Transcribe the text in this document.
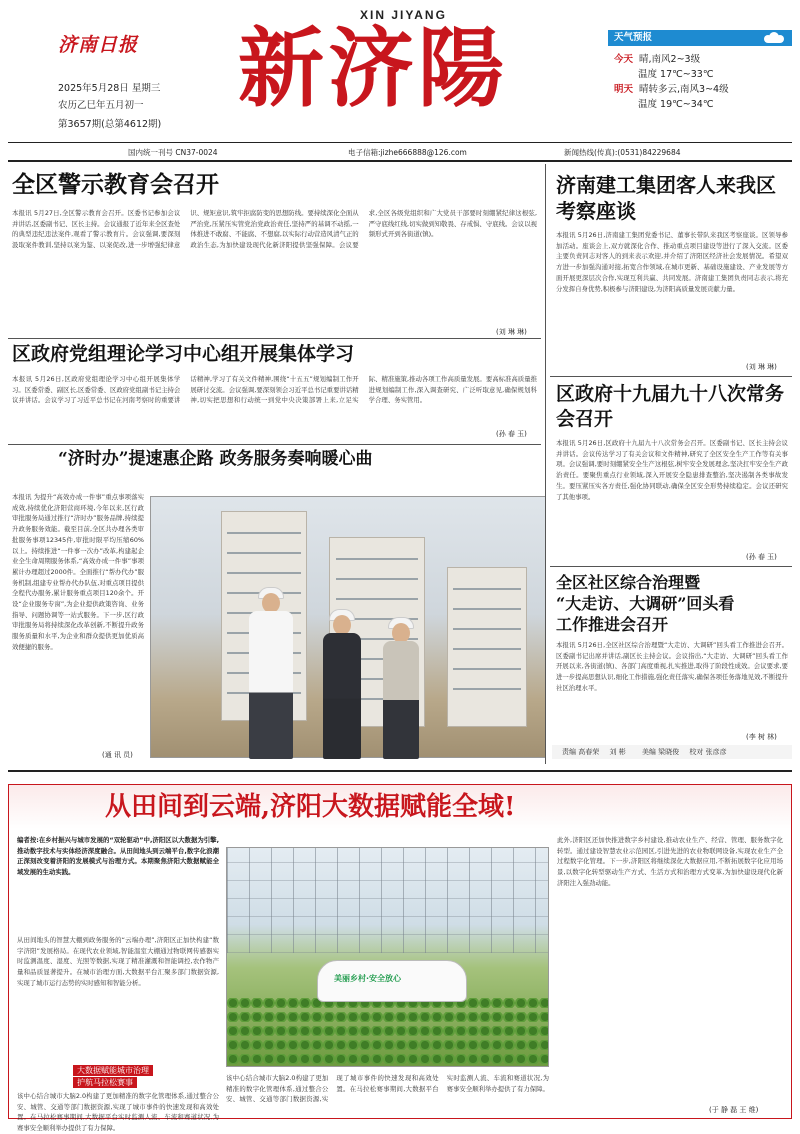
济南日报
XIN JIYANG
新济陽
2025年5月28日 星期三
农历乙巳年五月初一

第3657期(总第4612期)
天气预报
今天 晴,南风2~3级
温度 17℃~33℃
明天 晴转多云,南风3~4级
温度 19℃~34℃
国内统一刊号 CN37-0024	电子信箱:jizhe666888@126.com	新闻热线(传真):(0531)84229684
全区警示教育会召开
本报讯 5月27日,全区警示教育会召开。区委书记参加会议并讲话,区委副书记、区长主持。会议通报了近年来全区查处的典型违纪违法案件,观看了警示教育片。会议强调,要深刻汲取案件教训,坚持以案为鉴、以案促改,进一步增强纪律意识、规矩意识,筑牢拒腐防变的思想防线。要持续深化全面从严治党,压紧压实管党治党政治责任,坚持严的基调不动摇,一体推进不敢腐、不能腐、不想腐,以实际行动营造风清气正的政治生态,为加快建设现代化新济阳提供坚强保障。会议要求,全区各级党组织和广大党员干部要时刻绷紧纪律这根弦,严守底线红线,切实做到知敬畏、存戒惧、守底线。会议以视频形式开到各街道(镇)。
(刘 琳 琳)
区政府党组理论学习中心组开展集体学习
本报讯 5月26日,区政府党组理论学习中心组开展集体学习。区委常委、副区长,区委常委、区政府党组副书记主持会议并讲话。会议学习了习近平总书记在河南考察时的重要讲话精神,学习了有关文件精神,围绕“十五五”规划编制工作开展研讨交流。会议强调,要深刻领会习近平总书记重要讲话精神,切实把思想和行动统一到党中央决策部署上来,立足实际、精准施策,推动各项工作高质量发展。要高标准高质量推进规划编制工作,深入调查研究、广泛听取意见,确保规划科学合理、务实管用。
(孙 春 玉)
“济时办”提速惠企路 政务服务奏响暖心曲
本报讯 为提升“高效办成一件事”重点事项落实成效,持续优化济阳营商环境,今年以来,区行政审批服务局通过推行“济时办”服务品牌,持续提升政务服务效能。截至目前,全区共办理各类审批服务事项12345件,审批时限平均压缩60%以上。持续推进“一件事一次办”改革,构建起企业全生命周期服务体系,“高效办成一件事”事项累计办理超过2000件。全面推行“帮办代办”服务机制,组建专业帮办代办队伍,对重点项目提供全程代办服务,累计服务重点项目120余个。开设“企业服务专窗”,为企业提供政策咨询、业务指导、问题协调等一站式服务。下一步,区行政审批服务局将持续深化改革创新,不断提升政务服务质量和水平,为企业和群众提供更加优质高效便捷的服务。
(通 讯 员)
济南建工集团客人来我区考察座谈
本报讯 5月26日,济南建工集团党委书记、董事长带队来我区考察座谈。区领导参加活动。座谈会上,双方就深化合作、推动重点项目建设等进行了深入交流。区委主要负责同志对客人的到来表示欢迎,并介绍了济阳区经济社会发展情况。希望双方进一步加强沟通对接,拓宽合作领域,在城市更新、基础设施建设、产业发展等方面开展更深层次合作,实现互利共赢、共同发展。济南建工集团负责同志表示,将充分发挥自身优势,积极参与济阳建设,为济阳高质量发展贡献力量。
(刘 琳 琳)
区政府十九届九十八次常务会召开
本报讯 5月26日,区政府十九届九十八次常务会召开。区委副书记、区长主持会议并讲话。会议传达学习了有关会议和文件精神,研究了全区安全生产工作等有关事项。会议强调,要时刻绷紧安全生产这根弦,树牢安全发展理念,坚决扛牢安全生产政治责任。要聚焦重点行业领域,深入开展安全隐患排查整治,坚决遏制各类事故发生。要压紧压实各方责任,强化协同联动,确保全区安全形势持续稳定。会议还研究了其他事项。
(孙 春 玉)
全区社区综合治理暨
“大走访、大调研”回头看
工作推进会召开
本报讯 5月26日,全区社区综合治理暨“大走访、大调研”回头看工作推进会召开。区委副书记出席并讲话,副区长主持会议。会议指出,“大走访、大调研”回头看工作开展以来,各街道(镇)、各部门高度重视,扎实推进,取得了阶段性成效。会议要求,要进一步提高思想认识,细化工作措施,强化责任落实,确保各项任务落地见效,不断提升社区治理水平。
(李 树 林)
责编 高春荣 刘 彬 美编 梁晓俊 校对 张彦彦
从田间到云端,济阳大数据赋能全域!
编者按:在乡村振兴与城市发展的“双轮驱动”中,济阳区以大数据为引擎,推动数字技术与实体经济深度融合。从田间地头到云端平台,数字化浪潮正深刻改变着济阳的发展模式与治理方式。本期聚焦济阳大数据赋能全域发展的生动实践。
从田间地头的智慧大棚到政务服务的“云端办理”,济阳区正加快构建“数字济阳”发展格局。在现代农业领域,智能温室大棚通过物联网传感器实时监测温度、湿度、光照等数据,实现了精准灌溉和智能调控,农作物产量和品质显著提升。在城市治理方面,大数据平台汇聚多部门数据资源,实现了城市运行态势的实时感知和智能分析。
大数据赋能城市治理
护航马拉松赛事
该中心结合城市大脑2.0构建了更加精准的数字化管理体系,通过整合公安、城管、交通等部门数据资源,实现了城市事件的快速发现和高效处置。在马拉松赛事期间,大数据平台实时监测人流、车流和赛道状况,为赛事安全顺利举办提供了有力保障。
美丽乡村·安全放心
该中心结合城市大脑2.0构建了更加精准的数字化管理体系,通过整合公安、城管、交通等部门数据资源,实现了城市事件的快速发现和高效处置。在马拉松赛事期间,大数据平台实时监测人流、车流和赛道状况,为赛事安全顺利举办提供了有力保障。
此外,济阳区还加快推进数字乡村建设,推动农业生产、经营、管理、服务数字化转型。通过建设智慧农业示范园区,引进先进的农业物联网设备,实现农业生产全过程数字化管理。下一步,济阳区将继续深化大数据应用,不断拓展数字化应用场景,以数字化转型驱动生产方式、生活方式和治理方式变革,为加快建设现代化新济阳注入强劲动能。
(于 静 磊 王 维)
